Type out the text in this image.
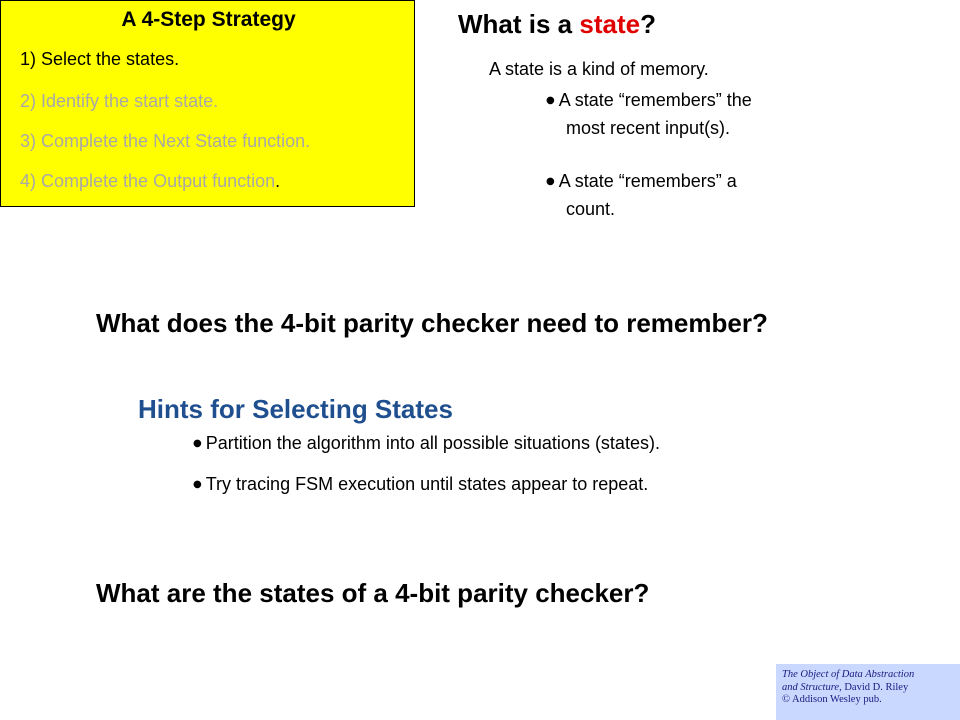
A 4-Step Strategy
1) Select the states.
2) Identify the start state.
3) Complete the Next State function.
4) Complete the Output function.
What is a state?
A state is a kind of memory.
● A state “remembers” the
most recent input(s).
● A state “remembers” a
count.
What does the 4-bit parity checker need to remember?
Hints for Selecting States
● Partition the algorithm into all possible situations (states).
● Try tracing FSM execution until states appear to repeat.
What are the states of a 4-bit parity checker?
The Object of Data Abstraction
and Structure, David D. Riley
© Addison Wesley pub.
